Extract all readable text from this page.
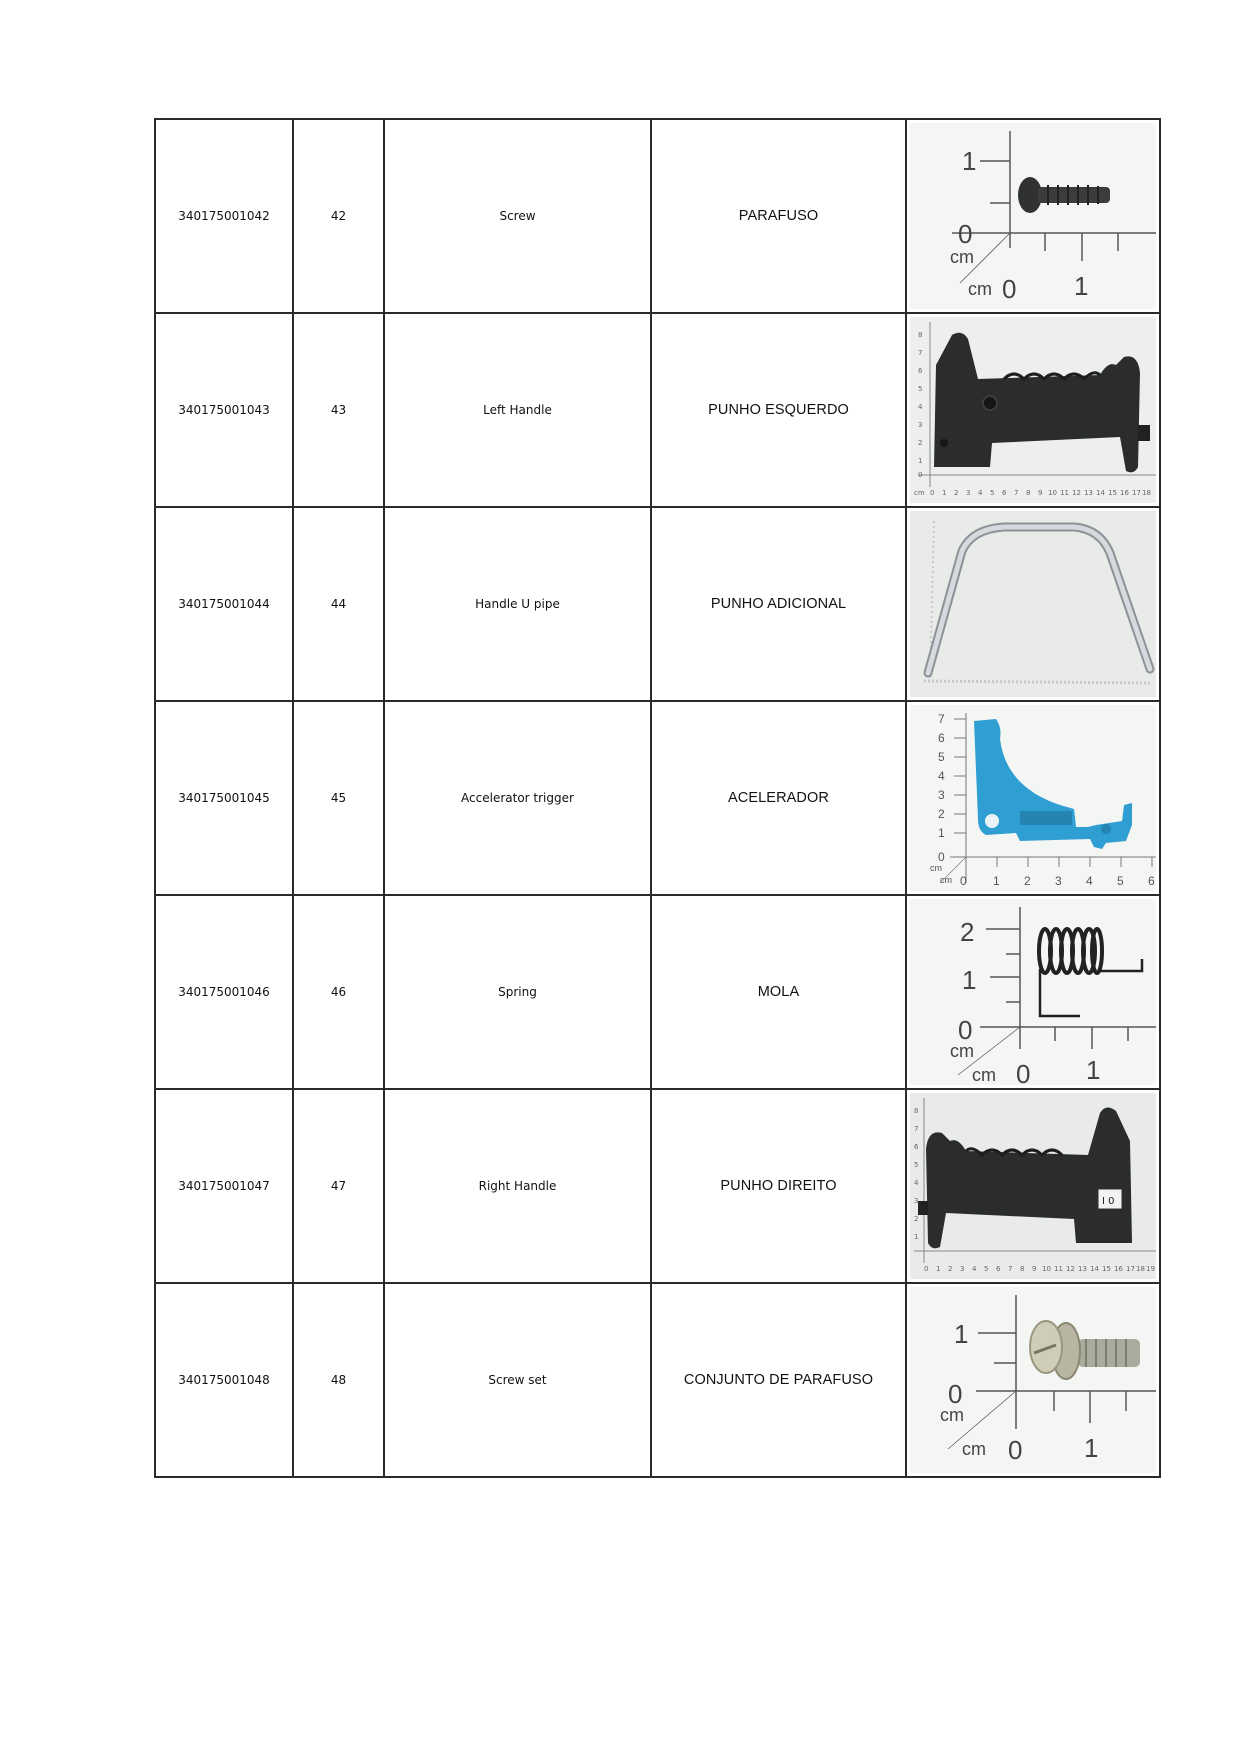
340175001042	42	Screw	PARAFUSO	
1
0
cm
cm 0 1

340175001043	43	Left Handle	PUNHO ESQUERDO	
8
7
6
5
4
3
2
1
0
cm 0 1 2 3 4 5 6 7 8 9 10 11 12 13 14 15 16 17 18

340175001044	44	Handle U pipe	PUNHO ADICIONAL	

340175001045	45	Accelerator trigger	ACELERADOR	
7
6
5
4
3
2
1
0
cm
cm 0 1 2 3 4 5 6

340175001046	46	Spring	MOLA	
2
1
0
cm
cm 0 1

340175001047	47	Right Handle	PUNHO DIREITO	
8
7
6
5
4
3
2
1
0 1 2 3 4 5 6 7 8 9 10 11 12 13 14 15 16 17 18 19
I 0

340175001048	48	Screw set	CONJUNTO DE PARAFUSO	
1
0
cm
cm 0 1
